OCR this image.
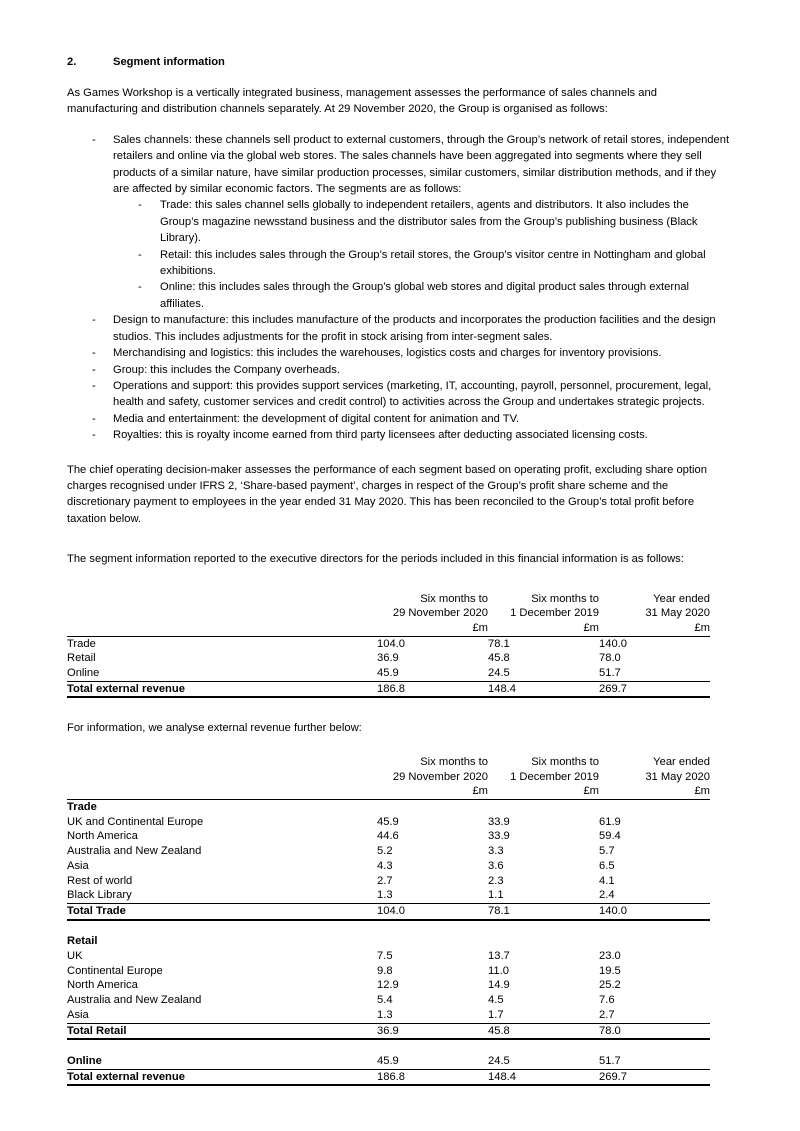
2.	Segment information

As Games Workshop is a vertically integrated business, management assesses the performance of sales channels and manufacturing and distribution channels separately. At 29 November 2020, the Group is organised as follows:

- Sales channels: these channels sell product to external customers, through the Group’s network of retail stores, independent retailers and online via the global web stores. The sales channels have been aggregated into segments where they sell products of a similar nature, have similar production processes, similar customers, similar distribution methods, and if they are affected by similar economic factors. The segments are as follows:
- Trade: this sales channel sells globally to independent retailers, agents and distributors. It also includes the Group’s magazine newsstand business and the distributor sales from the Group’s publishing business (Black Library).
- Retail: this includes sales through the Group’s retail stores, the Group’s visitor centre in Nottingham and global exhibitions.
- Online: this includes sales through the Group’s global web stores and digital product sales through external affiliates.
- Design to manufacture: this includes manufacture of the products and incorporates the production facilities and the design studios. This includes adjustments for the profit in stock arising from inter-segment sales.
- Merchandising and logistics: this includes the warehouses, logistics costs and charges for inventory provisions.
- Group: this includes the Company overheads.
- Operations and support: this provides support services (marketing, IT, accounting, payroll, personnel, procurement, legal, health and safety, customer services and credit control) to activities across the Group and undertakes strategic projects.
- Media and entertainment: the development of digital content for animation and TV.
- Royalties: this is royalty income earned from third party licensees after deducting associated licensing costs.

The chief operating decision-maker assesses the performance of each segment based on operating profit, excluding share option charges recognised under IFRS 2, ‘Share-based payment’, charges in respect of the Group’s profit share scheme and the discretionary payment to employees in the year ended 31 May 2020. This has been reconciled to the Group’s total profit before taxation below.

The segment information reported to the executive directors for the periods included in this financial information is as follows:

	Six months to	Six months to	Year ended
	29 November 2020	1 December 2019	31 May 2020
	£m	£m	£m
Trade	104.0	78.1	140.0
Retail	36.9	45.8	78.0
Online	45.9	24.5	51.7
Total external revenue	186.8	148.4	269.7

For information, we analyse external revenue further below:

	Six months to	Six months to	Year ended
	29 November 2020	1 December 2019	31 May 2020
	£m	£m	£m
Trade			
UK and Continental Europe	45.9	33.9	61.9
North America	44.6	33.9	59.4
Australia and New Zealand	5.2	3.3	5.7
Asia	4.3	3.6	6.5
Rest of world	2.7	2.3	4.1
Black Library	1.3	1.1	2.4
Total Trade	104.0	78.1	140.0

Retail			
UK	7.5	13.7	23.0
Continental Europe	9.8	11.0	19.5
North America	12.9	14.9	25.2
Australia and New Zealand	5.4	4.5	7.6
Asia	1.3	1.7	2.7
Total Retail	36.9	45.8	78.0

Online	45.9	24.5	51.7
Total external revenue	186.8	148.4	269.7
